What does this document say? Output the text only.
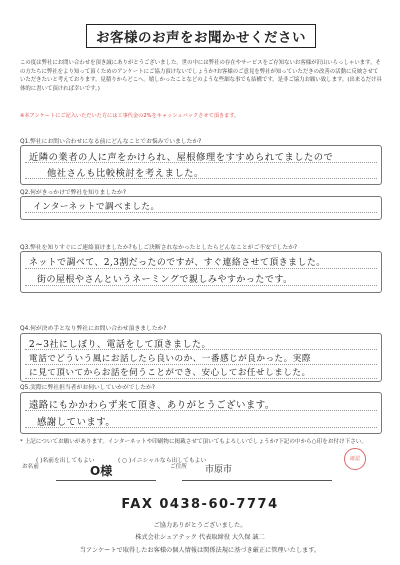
お客様のお声をお聞かせください
この度は弊社にお問い合わせを頂き誠にありがとうございました。世の中には弊社の存在やサービスをご存知ないお客様が沢山いらっしゃいます。その方たちに弊社をより知って頂くためのアンケートにご協力頂けないでしょうか?お客様のご意見を弊社が知っていただきの改善の活動に反映させていただきたいと考えております。見積りからどこへ。嬉しかったことなどのような些細な事でも結構です。是非ご協力お願い致します。(出来るだけ具体的に書いて頂ければ幸いです。)
※本アンケートにご記入いただいた方には工事代金の2%をキャッシュバックさせて頂きます。
Q1.弊社にお問い合わせになる前にどんなことでお悩みでいましたか?
近隣の業者の人に声をかけられ、屋根修理をすすめられてましたので
他社さんも比較検討を考えました。
Q2.何がきっかけで弊社を知りましたか?
インターネットで調べました。
Q3.弊社を知りすぐにご連絡頂けましたか?もしご決断されなかったとしたらどんなことがご不安でしたか?
ネットで調べて、2,3割だったのですが、すぐ連絡させて頂きました。
街の屋根やさんというネーミングで親しみやすかったです。
Q4.何が決め手となり弊社にお問い合わせ頂きましたか?
2~3社にしぼり、電話をして頂きました。
電話でどういう風にお話したら良いのか、一番感じが良かった。実際
に見て頂いてからお話を伺うことができ、安心してお任せしました。
Q5.実際に弊社担当者がお伺いしていかがでしたか?
遠路にもかかわらず来て頂き、ありがとうございます。
感謝しています。
* 上記についてお願いがあります。インターネットや印刷物に掲載させて頂いてもよろしいでしょうか?下記の中から○印をお付け下さい。
( )名前を出してもよい	( ○ )イニシャルなら出してもよい
お名前	O様	ご住所 市原市
確認
FAX 0438-60-7774
ご協力ありがとうございました。
株式会社シェアテック 代表取締役 大久保 誠二
当アンケートで取得したお客様の個人情報は関係法規に基づき厳正に管理いたします。
